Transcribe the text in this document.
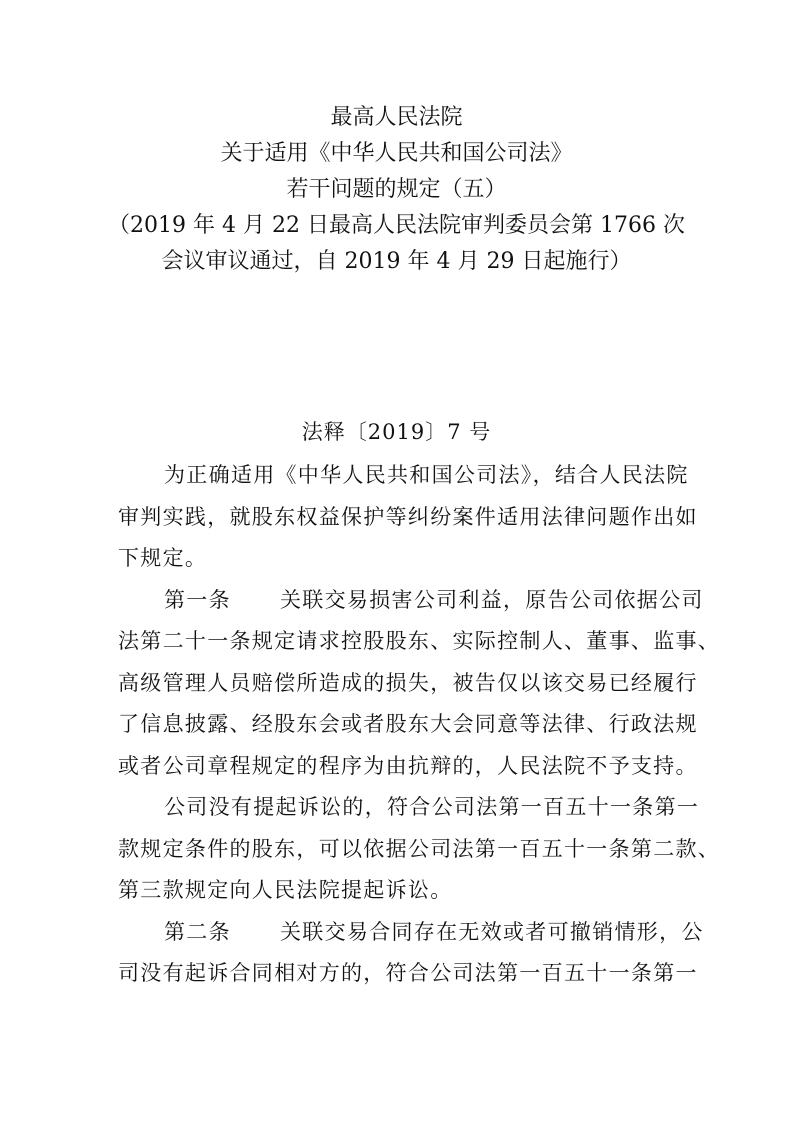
最高人民法院
关于适用《中华人民共和国公司法》
若干问题的规定（五）
（2019 年 4 月 22 日最高人民法院审判委员会第 1766 次
会议审议通过，自 2019 年 4 月 29 日起施行）
法释〔2019〕7 号
为正确适用《中华人民共和国公司法》，结合人民法院
审判实践，就股东权益保护等纠纷案件适用法律问题作出如
下规定。
第一条 关联交易损害公司利益，原告公司依据公司
法第二十一条规定请求控股股东、实际控制人、董事、监事、
高级管理人员赔偿所造成的损失，被告仅以该交易已经履行
了信息披露、经股东会或者股东大会同意等法律、行政法规
或者公司章程规定的程序为由抗辩的，人民法院不予支持。
公司没有提起诉讼的，符合公司法第一百五十一条第一
款规定条件的股东，可以依据公司法第一百五十一条第二款、
第三款规定向人民法院提起诉讼。
第二条 关联交易合同存在无效或者可撤销情形，公
司没有起诉合同相对方的，符合公司法第一百五十一条第一
